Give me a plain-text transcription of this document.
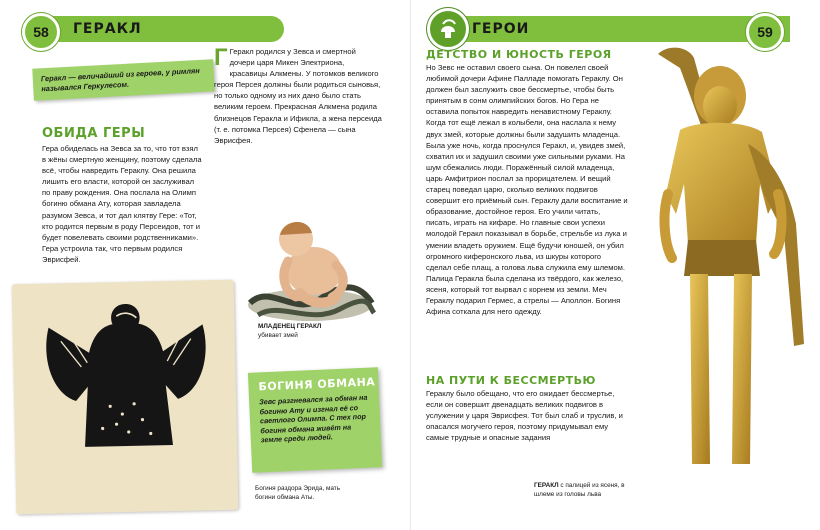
58	ГЕРАКЛ
Геракл — величайший из героев, у римлян назывался Геркулесом.
ОБИДА ГЕРЫ
Гера обиделась на Зевса за то, что тот взял в жёны смертную женщину, поэтому сделала всё, чтобы навредить Гераклу. Она решила лишить его власти, которой он заслуживал по праву рождения. Она послала на Олимп богиню обмана Ату, которая завладела разумом Зевса, и тот дал клятву Гере: «Тот, кто родится первым в роду Персеидов, тот и будет повелевать своими родственниками». Гера устроила так, что первым родился Эврисфей.
Г Геракл родился у Зевса и смертной дочери царя Микен Электриона, красавицы Алкмены. У потомков великого героя Персея должны были родиться сыновья, но только одному из них дано было стать великим героем. Прекрасная Алкмена родила близнецов Геракла и Ификла, а жена персеида (т. е. потомка Персея) Сфенела — сына Эврисфея.
МЛАДЕНЕЦ ГЕРАКЛ
убивает змей
Богиня раздора Эрида, мать богини обмана Аты.
БОГИНЯ ОБМАНА
Зевс разгневался за обман на богиню Ату и изгнал её со светлого Олимпа. С тех пор богиня обмана живёт на земле среди людей.
ГЕРОИ	59
ДЕТСТВО И ЮНОСТЬ ГЕРОЯ
Но Зевс не оставил своего сына. Он повелел своей любимой дочери Афине Палладе помогать Гераклу. Он должен был заслужить свое бессмертье, чтобы быть принятым в сонм олимпийских богов. Но Гера не оставила попыток навредить ненавистному Гераклу. Когда тот ещё лежал в колыбели, она наслала к нему двух змей, которые должны были задушить младенца. Была уже ночь, когда проснулся Геракл, и, увидев змей, схватил их и задушил своими уже сильными руками. На шум сбежались люди. Поражённый силой младенца, царь Амфитрион послал за прорицателем. И вещий старец поведал царю, сколько великих подвигов совершит его приёмный сын. Гераклу дали воспитание и образование, достойное героя. Его учили читать, писать, играть на кифаре. Но главные свои успехи молодой Геракл показывал в борьбе, стрельбе из лука и умении владеть оружием. Ещё будучи юношей, он убил огромного киферонского льва, из шкуры которого сделал себе плащ, а голова льва служила ему шлемом. Палица Геракла была сделана из твёрдого, как железо, ясеня, который тот вырвал с корнем из земли. Меч Гераклу подарил Гермес, а стрелы — Аполлон. Богиня Афина соткала для него одежду.
НА ПУТИ К БЕССМЕРТЬЮ
Гераклу было обещано, что его ожидает бессмертье, если он совершит двенадцать великих подвигов в услужении у царя Эврисфея. Тот был слаб и труслив, и опасался могучего героя, поэтому придумывал ему самые трудные и опасные задания
ГЕРАКЛ с палицей из ясеня, в шлеме из головы льва
